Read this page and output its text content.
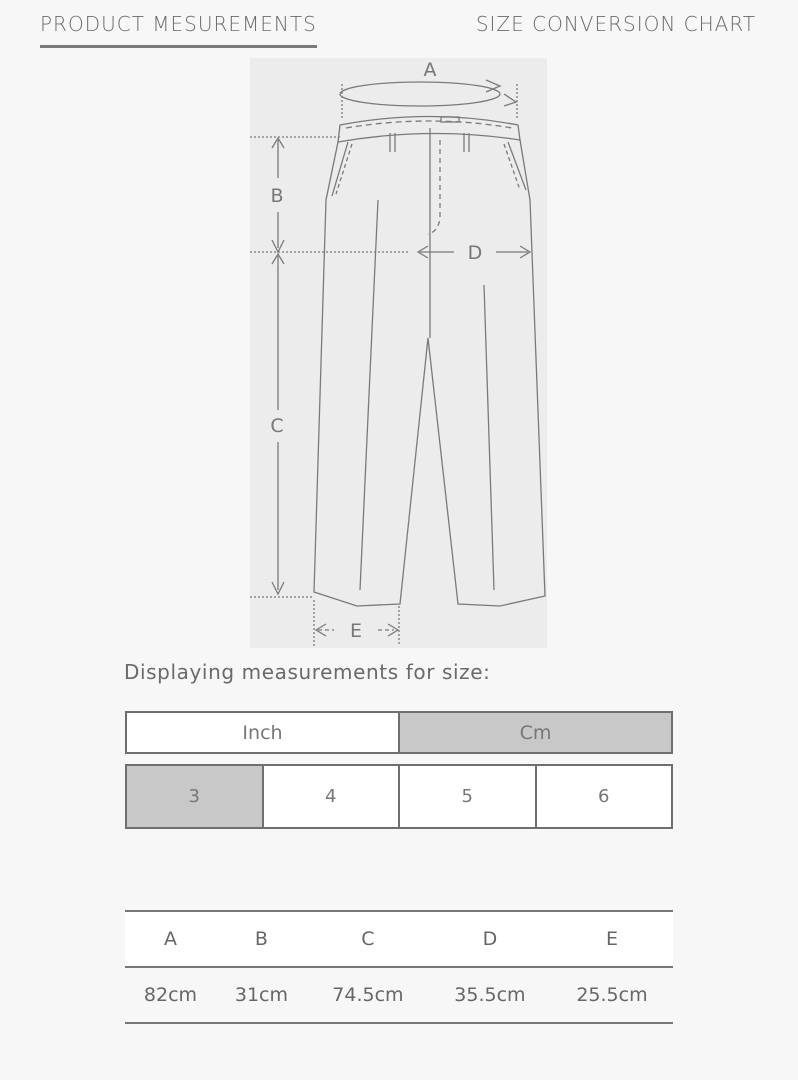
PRODUCT MESUREMENTS	SIZE CONVERSION CHART
A
B
C
D
E
Displaying measurements for size:
Inch	Cm
3	4	5	6
A	B	C	D	E
82cm	31cm	74.5cm	35.5cm	25.5cm
